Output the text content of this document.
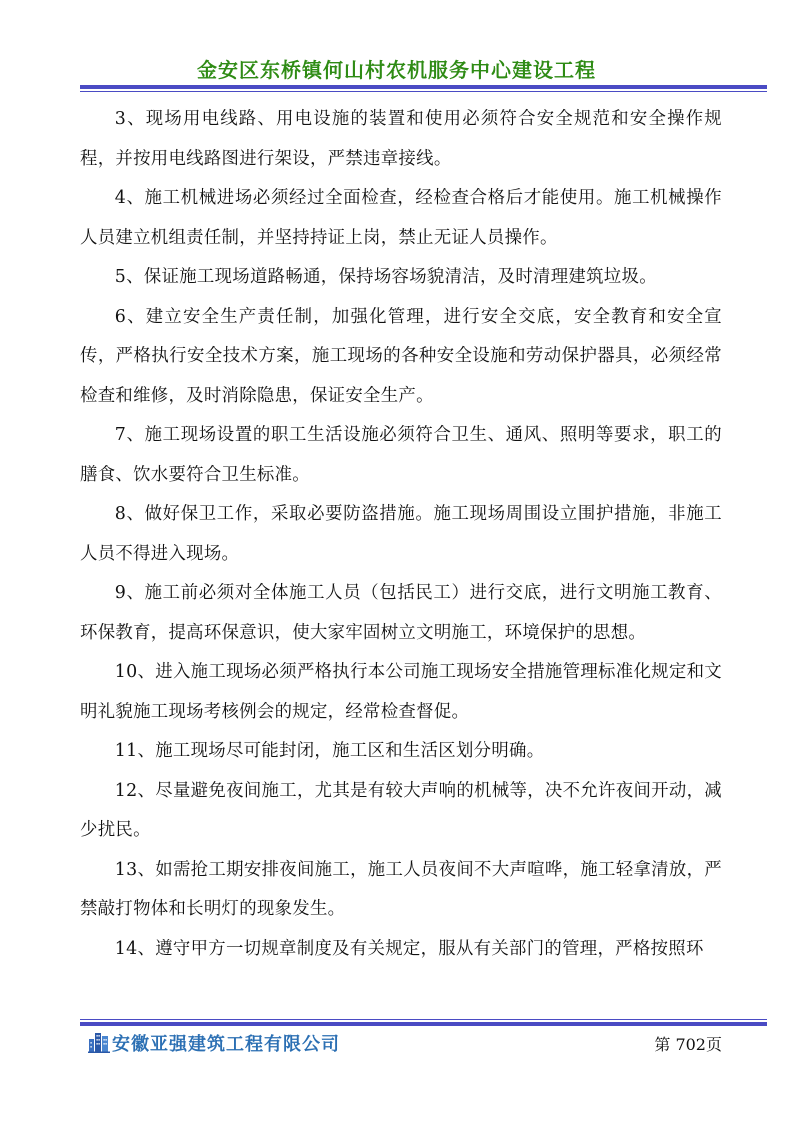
金安区东桥镇何山村农机服务中心建设工程

3、现场用电线路、用电设施的装置和使用必须符合安全规范和安全操作规程，并按用电线路图进行架设，严禁违章接线。

4、施工机械进场必须经过全面检查，经检查合格后才能使用。施工机械操作人员建立机组责任制，并坚持持证上岗，禁止无证人员操作。

5、保证施工现场道路畅通，保持场容场貌清洁，及时清理建筑垃圾。

6、建立安全生产责任制，加强化管理，进行安全交底，安全教育和安全宣传，严格执行安全技术方案，施工现场的各种安全设施和劳动保护器具，必须经常检查和维修，及时消除隐患，保证安全生产。

7、施工现场设置的职工生活设施必须符合卫生、通风、照明等要求，职工的膳食、饮水要符合卫生标准。

8、做好保卫工作，采取必要防盗措施。施工现场周围设立围护措施，非施工人员不得进入现场。

9、施工前必须对全体施工人员（包括民工）进行交底，进行文明施工教育、环保教育，提高环保意识，使大家牢固树立文明施工，环境保护的思想。

10、进入施工现场必须严格执行本公司施工现场安全措施管理标准化规定和文明礼貌施工现场考核例会的规定，经常检查督促。

11、施工现场尽可能封闭，施工区和生活区划分明确。

12、尽量避免夜间施工，尤其是有较大声响的机械等，决不允许夜间开动，减少扰民。

13、如需抢工期安排夜间施工，施工人员夜间不大声喧哗，施工轻拿清放，严禁敲打物体和长明灯的现象发生。

14、遵守甲方一切规章制度及有关规定，服从有关部门的管理，严格按照环

安徽亚强建筑工程有限公司	第 702页
